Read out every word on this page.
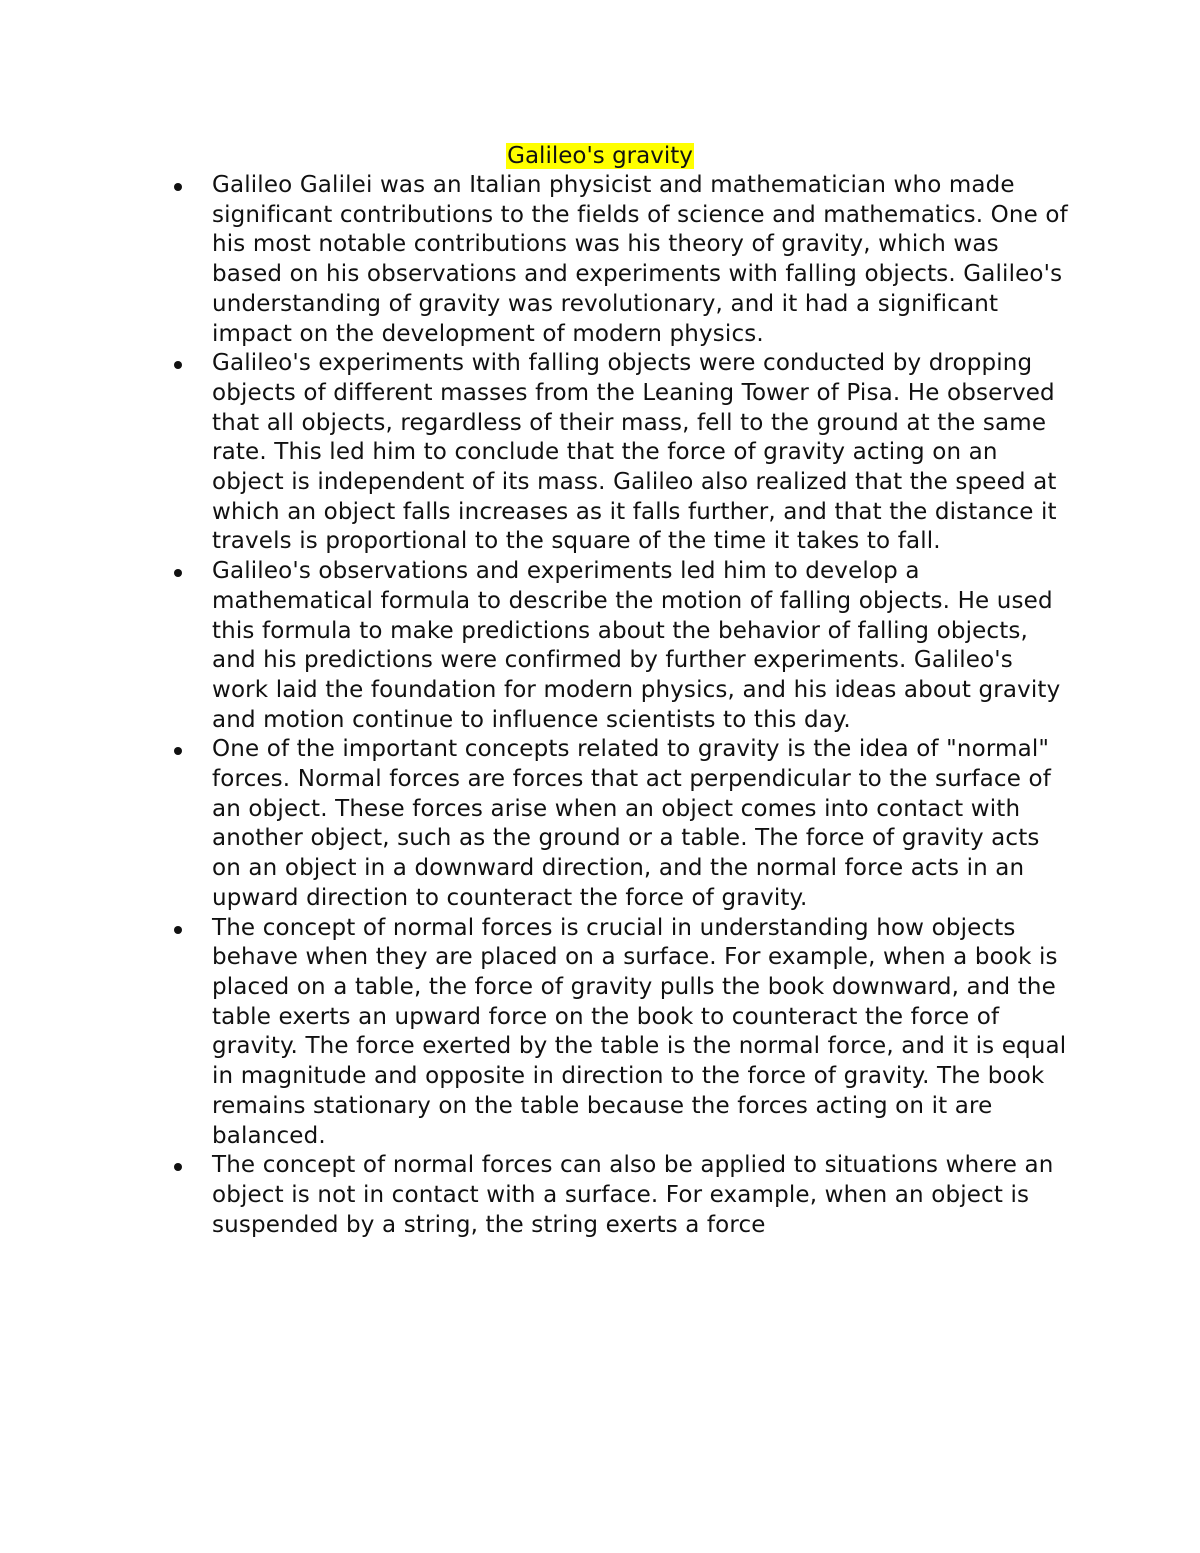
Galileo's gravity
Galileo Galilei was an Italian physicist and mathematician who made significant contributions to the fields of science and mathematics. One of his most notable contributions was his theory of gravity, which was based on his observations and experiments with falling objects. Galileo's understanding of gravity was revolutionary, and it had a significant impact on the development of modern physics.
Galileo's experiments with falling objects were conducted by dropping objects of different masses from the Leaning Tower of Pisa. He observed that all objects, regardless of their mass, fell to the ground at the same rate. This led him to conclude that the force of gravity acting on an object is independent of its mass. Galileo also realized that the speed at which an object falls increases as it falls further, and that the distance it travels is proportional to the square of the time it takes to fall.
Galileo's observations and experiments led him to develop a mathematical formula to describe the motion of falling objects. He used this formula to make predictions about the behavior of falling objects, and his predictions were confirmed by further experiments. Galileo's work laid the foundation for modern physics, and his ideas about gravity and motion continue to influence scientists to this day.
One of the important concepts related to gravity is the idea of "normal" forces. Normal forces are forces that act perpendicular to the surface of an object. These forces arise when an object comes into contact with another object, such as the ground or a table. The force of gravity acts on an object in a downward direction, and the normal force acts in an upward direction to counteract the force of gravity.
The concept of normal forces is crucial in understanding how objects behave when they are placed on a surface. For example, when a book is placed on a table, the force of gravity pulls the book downward, and the table exerts an upward force on the book to counteract the force of gravity. The force exerted by the table is the normal force, and it is equal in magnitude and opposite in direction to the force of gravity. The book remains stationary on the table because the forces acting on it are balanced.
The concept of normal forces can also be applied to situations where an object is not in contact with a surface. For example, when an object is suspended by a string, the string exerts a force
